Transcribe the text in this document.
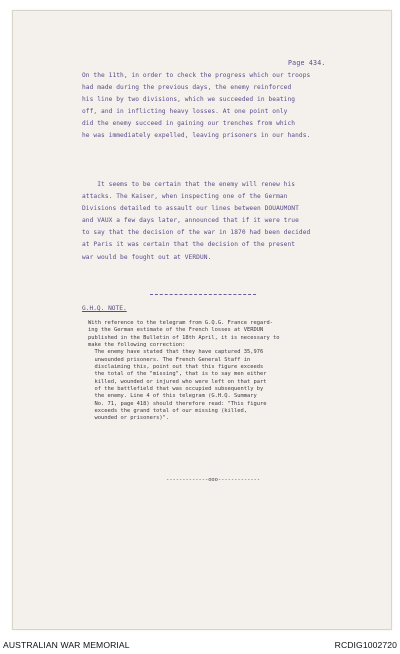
Page 434.
On the 11th, in order to check the progress which our troops
had made during the previous days, the enemy reinforced
his line by two divisions, which we succeeded in beating
off, and in inflicting heavy losses. At one point only
did the enemy succeed in gaining our trenches from which
he was immediately expelled, leaving prisoners in our hands.
It seems to be certain that the enemy will renew his
attacks. The Kaiser, when inspecting one of the German
Divisions detailed to assault our lines between DOUAUMONT
and VAUX a few days later, announced that if it were true
to say that the decision of the war in 1870 had been decided
at Paris it was certain that the decision of the present
war would be fought out at VERDUN.
G.H.Q. NOTE.
With reference to the telegram from G.Q.G. France regard-
ing the German estimate of the French losses at VERDUN
published in the Bulletin of 18th April, it is necessary to
make the following correction:
The enemy have stated that they have captured 35,976
unwounded prisoners. The French General Staff in
disclaiming this, point out that this figure exceeds
the total of the "missing", that is to say men either
killed, wounded or injured who were left on that part
of the battlefield that was occupied subsequently by
the enemy. Line 4 of this telegram (G.H.Q. Summary
No. 71, page 418) should therefore read: "This figure
exceeds the grand total of our missing (killed,
wounded or prisoners)".
-------------ooo-------------
AUSTRALIAN WAR MEMORIAL	RCDIG1002720
